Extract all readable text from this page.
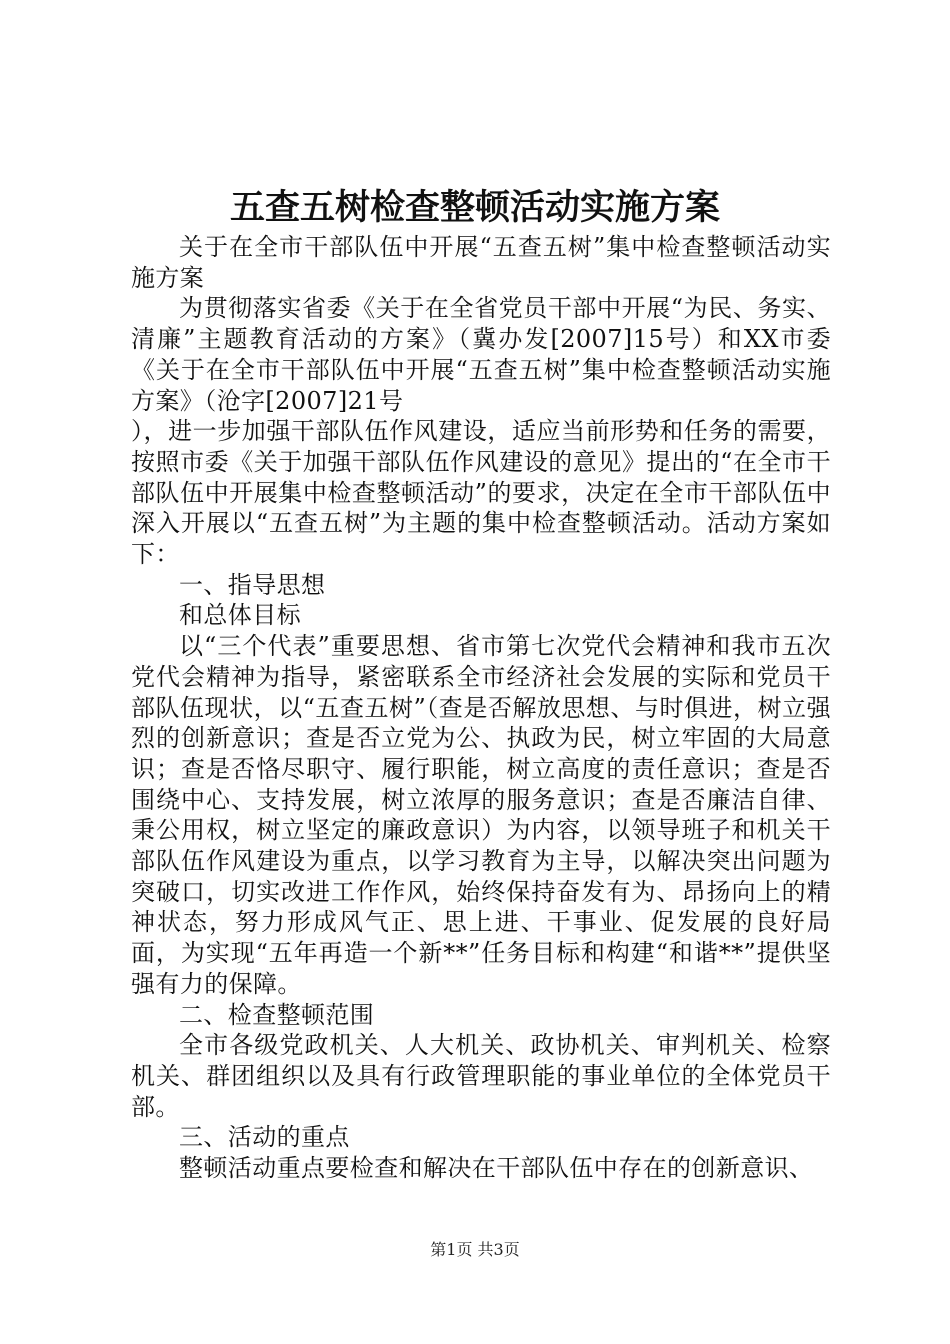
五查五树检查整顿活动实施方案

关于在全市干部队伍中开展“五查五树”集中检查整顿活动实施方案

为贯彻落实省委《关于在全省党员干部中开展“为民、务实、清廉”主题教育活动的方案》（冀办发[2007]15号）和XX市委《关于在全市干部队伍中开展“五查五树”集中检查整顿活动实施方案》（沧字[2007]21号

），进一步加强干部队伍作风建设，适应当前形势和任务的需要，按照市委《关于加强干部队伍作风建设的意见》提出的“在全市干部队伍中开展集中检查整顿活动”的要求，决定在全市干部队伍中深入开展以“五查五树”为主题的集中检查整顿活动。活动方案如下：

一、指导思想

和总体目标

以“三个代表”重要思想、省市第七次党代会精神和我市五次党代会精神为指导，紧密联系全市经济社会发展的实际和党员干部队伍现状，以“五查五树”（查是否解放思想、与时俱进，树立强烈的创新意识；查是否立党为公、执政为民，树立牢固的大局意识；查是否恪尽职守、履行职能，树立高度的责任意识；查是否围绕中心、支持发展，树立浓厚的服务意识；查是否廉洁自律、秉公用权，树立坚定的廉政意识）为内容，以领导班子和机关干部队伍作风建设为重点，以学习教育为主导，以解决突出问题为突破口，切实改进工作作风，始终保持奋发有为、昂扬向上的精神状态，努力形成风气正、思上进、干事业、促发展的良好局面，为实现“五年再造一个新**”任务目标和构建“和谐**”提供坚强有力的保障。

二、检查整顿范围

全市各级党政机关、人大机关、政协机关、审判机关、检察机关、群团组织以及具有行政管理职能的事业单位的全体党员干部。

三、活动的重点

整顿活动重点要检查和解决在干部队伍中存在的创新意识、

第1页 共3页
